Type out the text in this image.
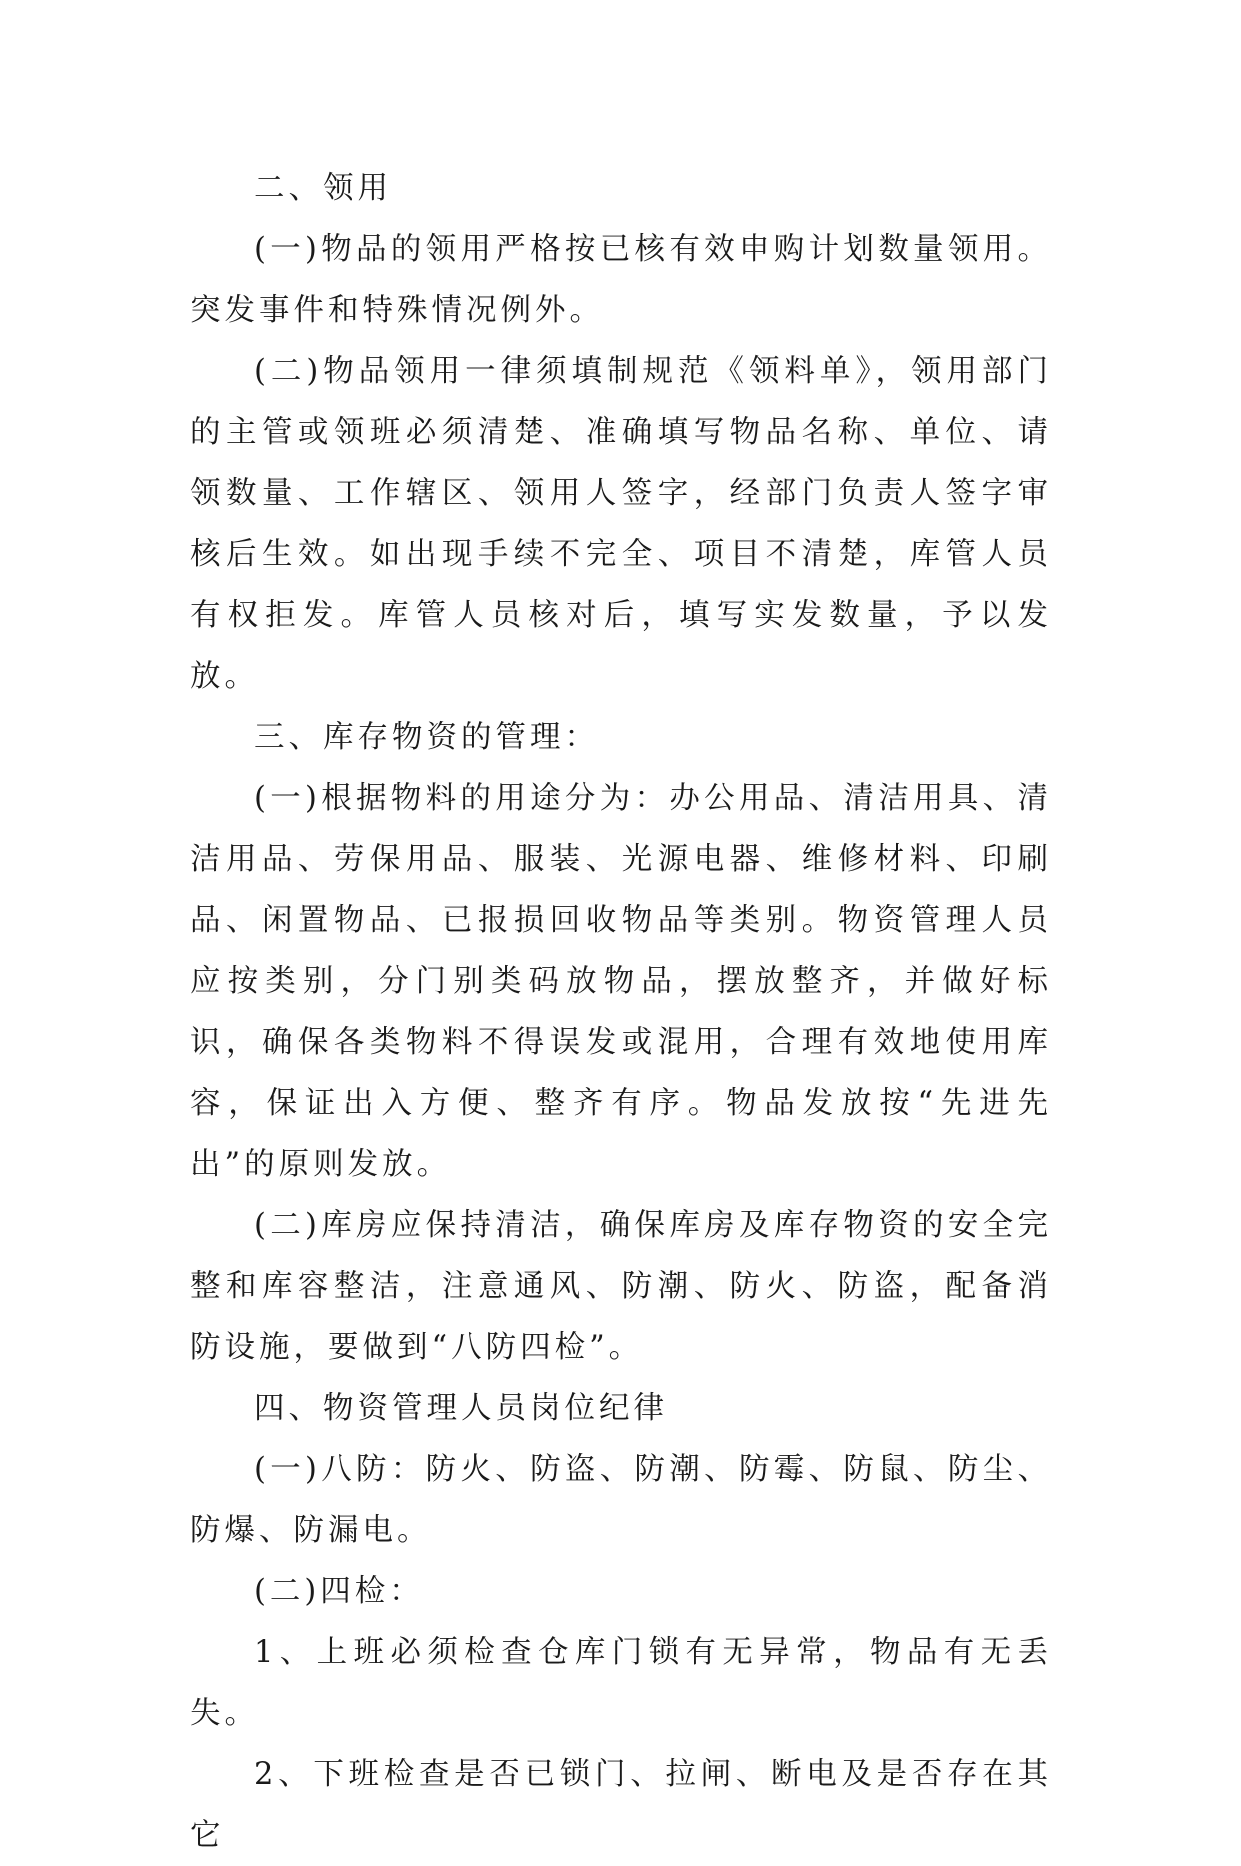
二、领用

(一)物品的领用严格按已核有效申购计划数量领用。突发事件和特殊情况例外。

(二)物品领用一律须填制规范《领料单》，领用部门的主管或领班必须清楚、准确填写物品名称、单位、请领数量、工作辖区、领用人签字，经部门负责人签字审核后生效。如出现手续不完全、项目不清楚，库管人员有权拒发。库管人员核对后，填写实发数量，予以发放。

三、库存物资的管理：

(一)根据物料的用途分为：办公用品、清洁用具、清洁用品、劳保用品、服装、光源电器、维修材料、印刷品、闲置物品、已报损回收物品等类别。物资管理人员应按类别，分门别类码放物品，摆放整齐，并做好标识，确保各类物料不得误发或混用，合理有效地使用库容，保证出入方便、整齐有序。物品发放按“先进先出”的原则发放。

(二)库房应保持清洁，确保库房及库存物资的安全完整和库容整洁，注意通风、防潮、防火、防盗，配备消防设施，要做到“八防四检”。

四、物资管理人员岗位纪律

(一)八防：防火、防盗、防潮、防霉、防鼠、防尘、防爆、防漏电。

(二)四检：

1、上班必须检查仓库门锁有无异常，物品有无丢失。

2、下班检查是否已锁门、拉闸、断电及是否存在其它
